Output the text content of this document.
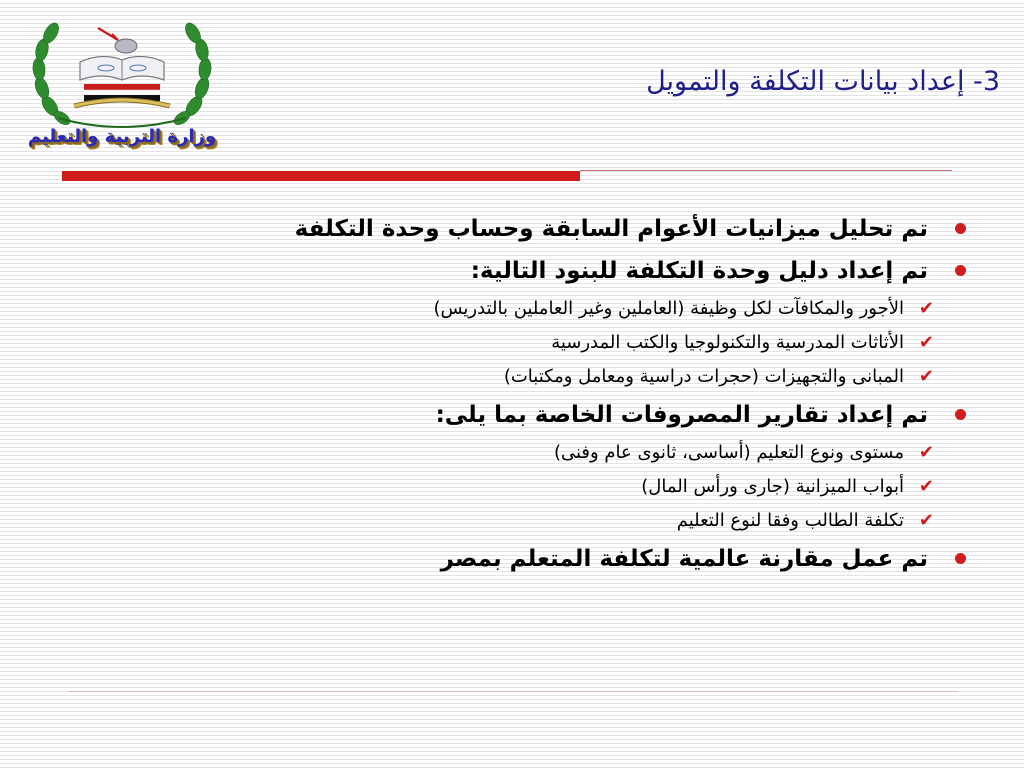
وزارة التربية والتعليم
3- إعداد بيانات التكلفة والتمويل
تم تحليل ميزانيات الأعوام السابقة وحساب وحدة التكلفة
تم إعداد دليل وحدة التكلفة للبنود التالية:
✔
الأجور والمكافآت لكل وظيفة (العاملين وغير العاملين بالتدريس)
✔
الأثاثات المدرسية والتكنولوجيا والكتب المدرسية
✔
المبانى والتجهيزات (حجرات دراسية ومعامل ومكتبات)
تم إعداد تقارير المصروفات الخاصة بما يلى:
✔
مستوى ونوع التعليم (أساسى، ثانوى عام وفنى)
✔
أبواب الميزانية (جارى ورأس المال)
✔
تكلفة الطالب وفقا لنوع التعليم
تم عمل مقارنة عالمية لتكلفة المتعلم بمصر
